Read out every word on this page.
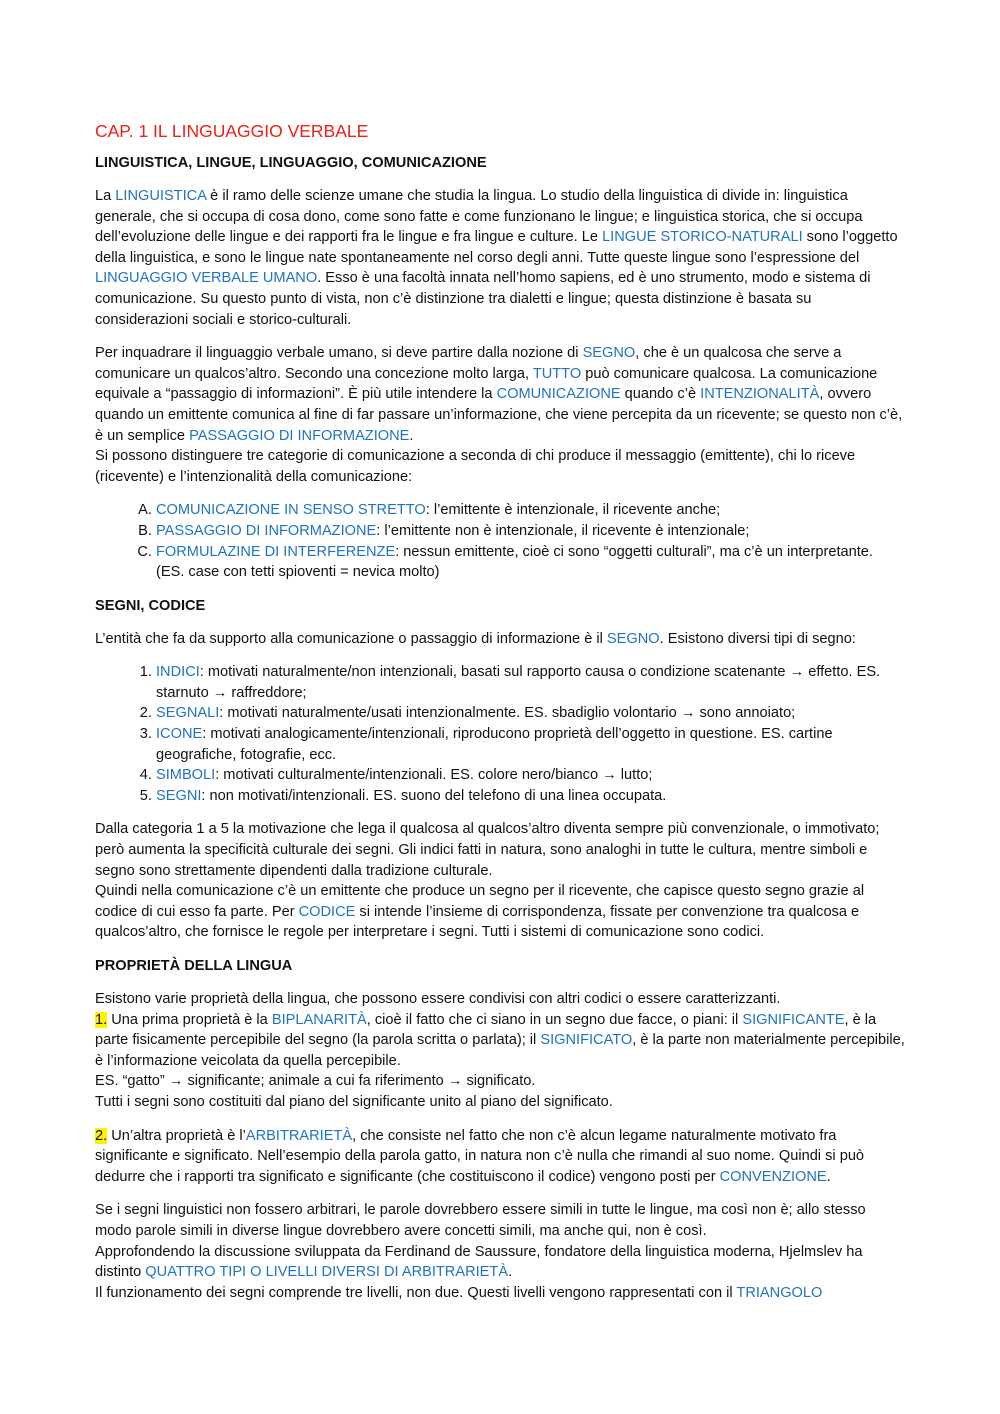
CAP. 1 IL LINGUAGGIO VERBALE
LINGUISTICA, LINGUE, LINGUAGGIO, COMUNICAZIONE

La LINGUISTICA è il ramo delle scienze umane che studia la lingua. Lo studio della linguistica di divide in: linguistica generale, che si occupa di cosa dono, come sono fatte e come funzionano le lingue; e linguistica storica, che si occupa dell’evoluzione delle lingue e dei rapporti fra le lingue e fra lingue e culture. Le LINGUE STORICO-NATURALI sono l’oggetto della linguistica, e sono le lingue nate spontaneamente nel corso degli anni. Tutte queste lingue sono l’espressione del LINGUAGGIO VERBALE UMANO. Esso è una facoltà innata nell’homo sapiens, ed è uno strumento, modo e sistema di comunicazione. Su questo punto di vista, non c’è distinzione tra dialetti e lingue; questa distinzione è basata su considerazioni sociali e storico-culturali.

Per inquadrare il linguaggio verbale umano, si deve partire dalla nozione di SEGNO, che è un qualcosa che serve a comunicare un qualcos’altro. Secondo una concezione molto larga, TUTTO può comunicare qualcosa. La comunicazione equivale a “passaggio di informazioni”. È più utile intendere la COMUNICAZIONE quando c’è INTENZIONALITÀ, ovvero quando un emittente comunica al fine di far passare un’informazione, che viene percepita da un ricevente; se questo non c’è, è un semplice PASSAGGIO DI INFORMAZIONE.
Si possono distinguere tre categorie di comunicazione a seconda di chi produce il messaggio (emittente), chi lo riceve (ricevente) e l’intenzionalità della comunicazione:

A. COMUNICAZIONE IN SENSO STRETTO: l’emittente è intenzionale, il ricevente anche;
B. PASSAGGIO DI INFORMAZIONE: l’emittente non è intenzionale, il ricevente è intenzionale;
C. FORMULAZINE DI INTERFERENZE: nessun emittente, cioè ci sono “oggetti culturali”, ma c’è un interpretante. (ES. case con tetti spioventi = nevica molto)
SEGNI, CODICE

L’entità che fa da supporto alla comunicazione o passaggio di informazione è il SEGNO. Esistono diversi tipi di segno:

1. INDICI: motivati naturalmente/non intenzionali, basati sul rapporto causa o condizione scatenante → effetto. ES. starnuto → raffreddore;
2. SEGNALI: motivati naturalmente/usati intenzionalmente. ES. sbadiglio volontario → sono annoiato;
3. ICONE: motivati analogicamente/intenzionali, riproducono proprietà dell’oggetto in questione. ES. cartine geografiche, fotografie, ecc.
4. SIMBOLI: motivati culturalmente/intenzionali. ES. colore nero/bianco → lutto;
5. SEGNI: non motivati/intenzionali. ES. suono del telefono di una linea occupata.

Dalla categoria 1 a 5 la motivazione che lega il qualcosa al qualcos’altro diventa sempre più convenzionale, o immotivato; però aumenta la specificità culturale dei segni. Gli indici fatti in natura, sono analoghi in tutte le cultura, mentre simboli e segno sono strettamente dipendenti dalla tradizione culturale.
Quindi nella comunicazione c’è un emittente che produce un segno per il ricevente, che capisce questo segno grazie al codice di cui esso fa parte. Per CODICE si intende l’insieme di corrispondenza, fissate per convenzione tra qualcosa e qualcos’altro, che fornisce le regole per interpretare i segni. Tutti i sistemi di comunicazione sono codici.

PROPRIETÀ DELLA LINGUA

Esistono varie proprietà della lingua, che possono essere condivisi con altri codici o essere caratterizzanti.
1. Una prima proprietà è la BIPLANARITÀ, cioè il fatto che ci siano in un segno due facce, o piani: il SIGNIFICANTE, è la parte fisicamente percepibile del segno (la parola scritta o parlata); il SIGNIFICATO, è la parte non materialmente percepibile, è l’informazione veicolata da quella percepibile.
ES. “gatto” → significante; animale a cui fa riferimento → significato.
Tutti i segni sono costituiti dal piano del significante unito al piano del significato.

2. Un’altra proprietà è l’ARBITRARIETÀ, che consiste nel fatto che non c’è alcun legame naturalmente motivato fra significante e significato. Nell’esempio della parola gatto, in natura non c’è nulla che rimandi al suo nome. Quindi si può dedurre che i rapporti tra significato e significante (che costituiscono il codice) vengono posti per CONVENZIONE.

Se i segni linguistici non fossero arbitrari, le parole dovrebbero essere simili in tutte le lingue, ma così non è; allo stesso modo parole simili in diverse lingue dovrebbero avere concetti simili, ma anche qui, non è così.
Approfondendo la discussione sviluppata da Ferdinand de Saussure, fondatore della linguistica moderna, Hjelmslev ha distinto QUATTRO TIPI O LIVELLI DIVERSI DI ARBITRARIETÀ.
Il funzionamento dei segni comprende tre livelli, non due. Questi livelli vengono rappresentati con il TRIANGOLO
